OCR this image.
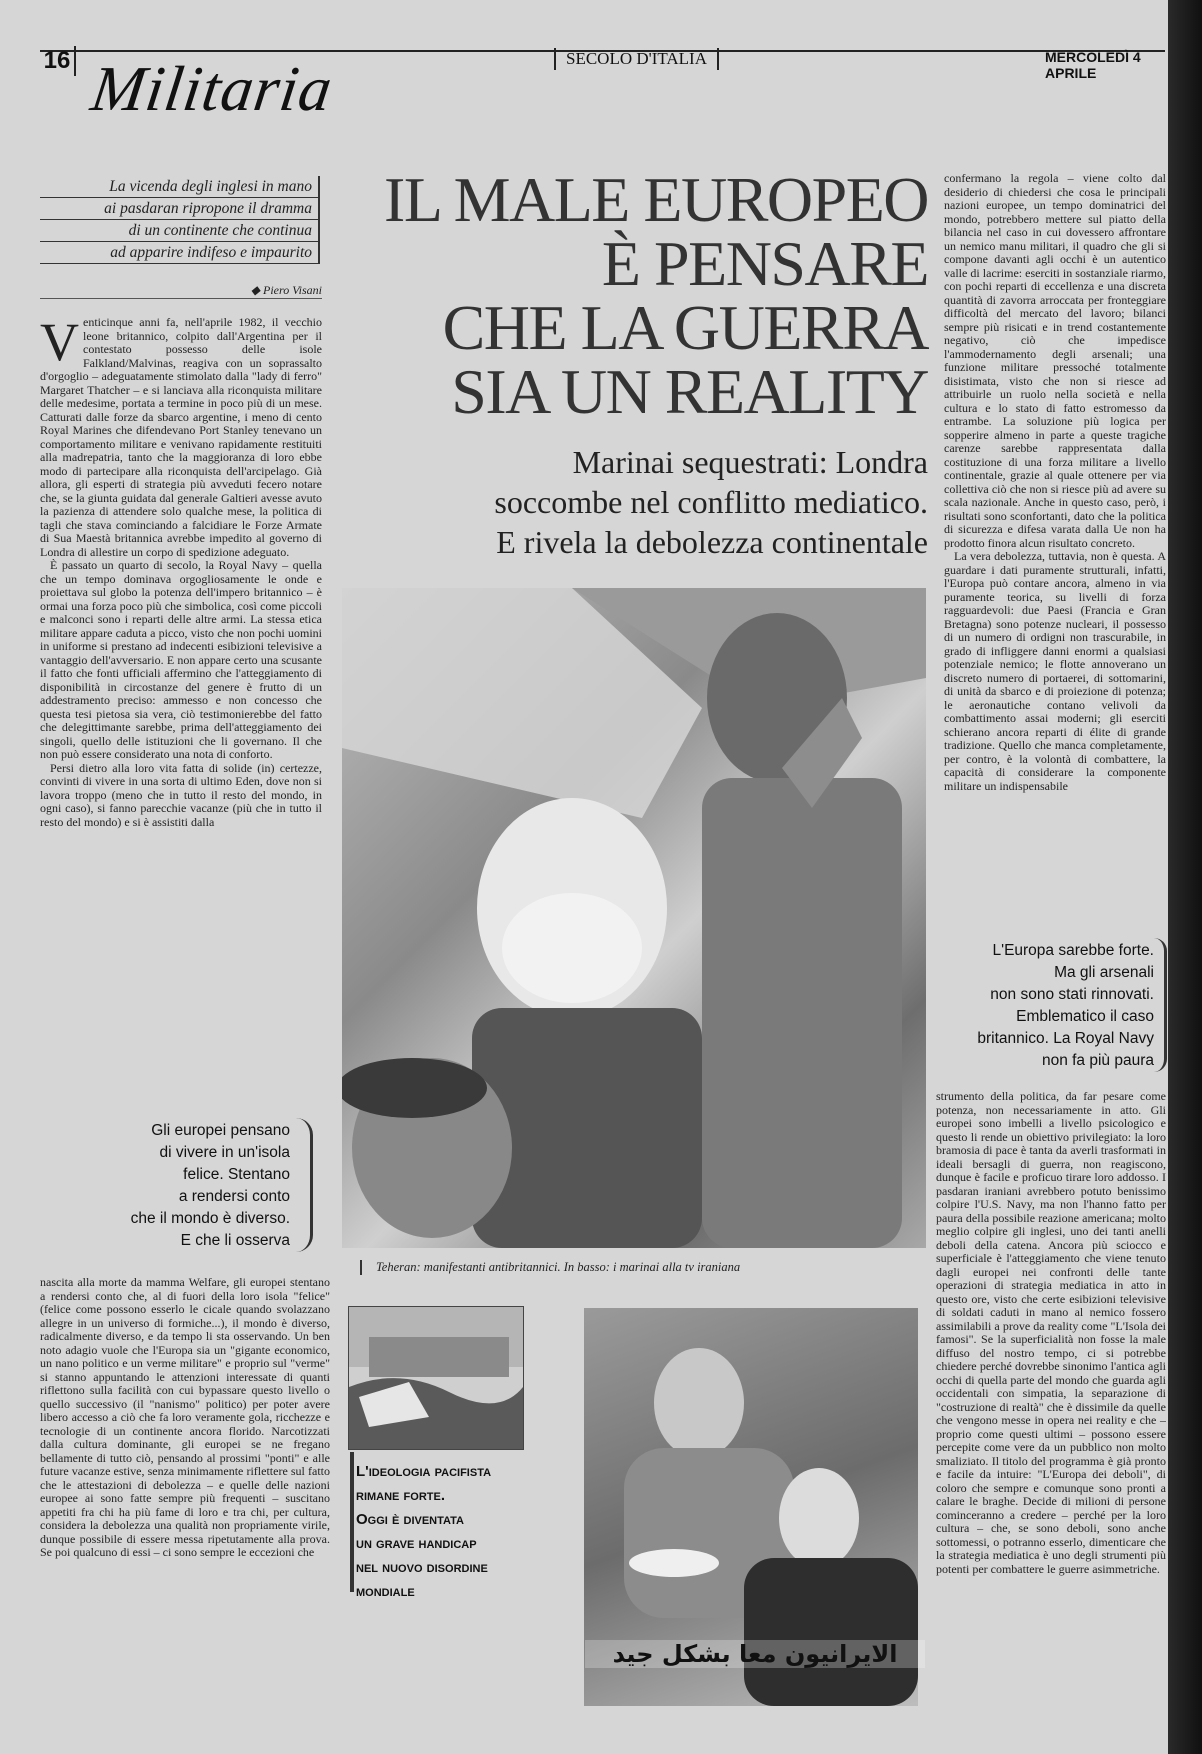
16 Militaria	SECOLO D'ITALIA	MERCOLEDÌ 4 APRILE
La vicenda degli inglesi in mano
ai pasdaran ripropone il dramma
di un continente che continua
ad apparire indifeso e impaurito
◆ Piero Visani
IL MALE EUROPEO
È PENSARE
CHE LA GUERRA
SIA UN REALITY
Marinai sequestrati: Londra
soccombe nel conflitto mediatico.
E rivela la debolezza continentale
V enticinque anni fa, nell'aprile 1982, il vecchio leone britannico, colpito dall'Argentina per il contestato possesso delle isole Falkland/Malvinas, reagiva con un soprassalto d'orgoglio – adeguatamente stimolato dalla "lady di ferro" Margaret Thatcher – e si lanciava alla riconquista militare delle medesime, portata a termine in poco più di un mese. Catturati dalle forze da sbarco argentine, i meno di cento Royal Marines che difendevano Port Stanley tenevano un comportamento militare e venivano rapidamente restituiti alla madrepatria, tanto che la maggioranza di loro ebbe modo di partecipare alla riconquista dell'arcipelago. Già allora, gli esperti di strategia più avveduti fecero notare che, se la giunta guidata dal generale Galtieri avesse avuto la pazienza di attendere solo qualche mese, la politica di tagli che stava cominciando a falcidiare le Forze Armate di Sua Maestà britannica avrebbe impedito al governo di Londra di allestire un corpo di spedizione adeguato.

È passato un quarto di secolo, la Royal Navy – quella che un tempo dominava orgogliosamente le onde e proiettava sul globo la potenza dell'impero britannico – è ormai una forza poco più che simbolica, così come piccoli e malconci sono i reparti delle altre armi. La stessa etica militare appare caduta a picco, visto che non pochi uomini in uniforme si prestano ad indecenti esibizioni televisive a vantaggio dell'avversario. E non appare certo una scusante il fatto che fonti ufficiali affermino che l'atteggiamento di disponibilità in circostanze del genere è frutto di un addestramento preciso: ammesso e non concesso che questa tesi pietosa sia vera, ciò testimonierebbe del fatto che delegittimante sarebbe, prima dell'atteggiamento dei singoli, quello delle istituzioni che li governano. Il che non può essere considerato una nota di conforto.

Persi dietro alla loro vita fatta di solide (in) certezze, convinti di vivere in una sorta di ultimo Eden, dove non si lavora troppo (meno che in tutto il resto del mondo, in ogni caso), si fanno parecchie vacanze (più che in tutto il resto del mondo) e si è assistiti dalla

Gli europei pensano
di vivere in un'isola
felice. Stentano
a rendersi conto
che il mondo è diverso.
E che li osserva

nascita alla morte da mamma Welfare, gli europei stentano a rendersi conto che, al di fuori della loro isola "felice" (felice come possono esserlo le cicale quando svolazzano allegre in un universo di formiche...), il mondo è diverso, radicalmente diverso, e da tempo li sta osservando. Un ben noto adagio vuole che l'Europa sia un "gigante economico, un nano politico e un verme militare" e proprio sul "verme" si stanno appuntando le attenzioni interessate di quanti riflettono sulla facilità con cui bypassare questo livello o quello successivo (il "nanismo" politico) per poter avere libero accesso a ciò che fa loro veramente gola, ricchezze e tecnologie di un continente ancora florido. Narcotizzati dalla cultura dominante, gli europei se ne fregano bellamente di tutto ciò, pensando al prossimi "ponti" e alle future vacanze estive, senza minimamente riflettere sul fatto che le attestazioni di debolezza – e quelle delle nazioni europee ai sono fatte sempre più frequenti – suscitano appetiti fra chi ha più fame di loro e tra chi, per cultura, considera la debolezza una qualità non propriamente virile, dunque possibile di essere messa ripetutamente alla prova. Se poi qualcuno di essi – ci sono sempre le eccezioni che

Teheran: manifestanti antibritannici. In basso: i marinai alla tv iraniana

confermano la regola – viene colto dal desiderio di chiedersi che cosa le principali nazioni europee, un tempo dominatrici del mondo, potrebbero mettere sul piatto della bilancia nel caso in cui dovessero affrontare un nemico manu militari, il quadro che gli si compone davanti agli occhi è un autentico valle di lacrime: eserciti in sostanziale riarmo, con pochi reparti di eccellenza e una discreta quantità di zavorra arroccata per fronteggiare difficoltà del mercato del lavoro; bilanci sempre più risicati e in trend costantemente negativo, ciò che impedisce l'ammodernamento degli arsenali; una funzione militare pressoché totalmente disistimata, visto che non si riesce ad attribuirle un ruolo nella società e nella cultura e lo stato di fatto estromesso da entrambe. La soluzione più logica per sopperire almeno in parte a queste tragiche carenze sarebbe rappresentata dalla costituzione di una forza militare a livello continentale, grazie al quale ottenere per via collettiva ciò che non si riesce più ad avere su scala nazionale. Anche in questo caso, però, i risultati sono sconfortanti, dato che la politica di sicurezza e difesa varata dalla Ue non ha prodotto finora alcun risultato concreto.

La vera debolezza, tuttavia, non è questa. A guardare i dati puramente strutturali, infatti, l'Europa può contare ancora, almeno in via puramente teorica, su livelli di forza ragguardevoli: due Paesi (Francia e Gran Bretagna) sono potenze nucleari, il possesso di un numero di ordigni non trascurabile, in grado di infliggere danni enormi a qualsiasi potenziale nemico; le flotte annoverano un discreto numero di portaerei, di sottomarini, di unità da sbarco e di proiezione di potenza; le aeronautiche contano velivoli da combattimento assai moderni; gli eserciti schierano ancora reparti di élite di grande tradizione. Quello che manca completamente, per contro, è la volontà di combattere, la capacità di considerare la componente militare un indispensabile

L'Europa sarebbe forte.
Ma gli arsenali
non sono stati rinnovati.
Emblematico il caso
britannico. La Royal Navy
non fa più paura

strumento della politica, da far pesare come potenza, non necessariamente in atto. Gli europei sono imbelli a livello psicologico e questo li rende un obiettivo privilegiato: la loro bramosia di pace è tanta da averli trasformati in ideali bersagli di guerra, non reagiscono, dunque è facile e proficuo tirare loro addosso. I pasdaran iraniani avrebbero potuto benissimo colpire l'U.S. Navy, ma non l'hanno fatto per paura della possibile reazione americana; molto meglio colpire gli inglesi, uno dei tanti anelli deboli della catena. Ancora più sciocco e superficiale è l'atteggiamento che viene tenuto dagli europei nei confronti delle tante operazioni di strategia mediatica in atto in questo ore, visto che certe esibizioni televisive di soldati caduti in mano al nemico fossero assimilabili a prove da reality come "L'Isola dei famosi". Se la superficialità non fosse la male diffuso del nostro tempo, ci si potrebbe chiedere perché dovrebbe sinonimo l'antica agli occhi di quella parte del mondo che guarda agli occidentali con simpatia, la separazione di "costruzione di realtà" che è dissimile da quelle che vengono messe in opera nei reality e che – proprio come questi ultimi – possono essere percepite come vere da un pubblico non molto smaliziato. Il titolo del programma è già pronto e facile da intuire: "L'Europa dei deboli", di coloro che sempre e comunque sono pronti a calare le braghe. Decide di milioni di persone cominceranno a credere – perché per la loro cultura – che, se sono deboli, sono anche sottomessi, o potranno esserlo, dimenticare che la strategia mediatica è uno degli strumenti più potenti per combattere le guerre asimmetriche.

L'ideologia pacifista
rimane forte.
Oggi è diventata
un grave handicap
nel nuovo disordine
mondiale
الايرانيون معا بشكل جيد
